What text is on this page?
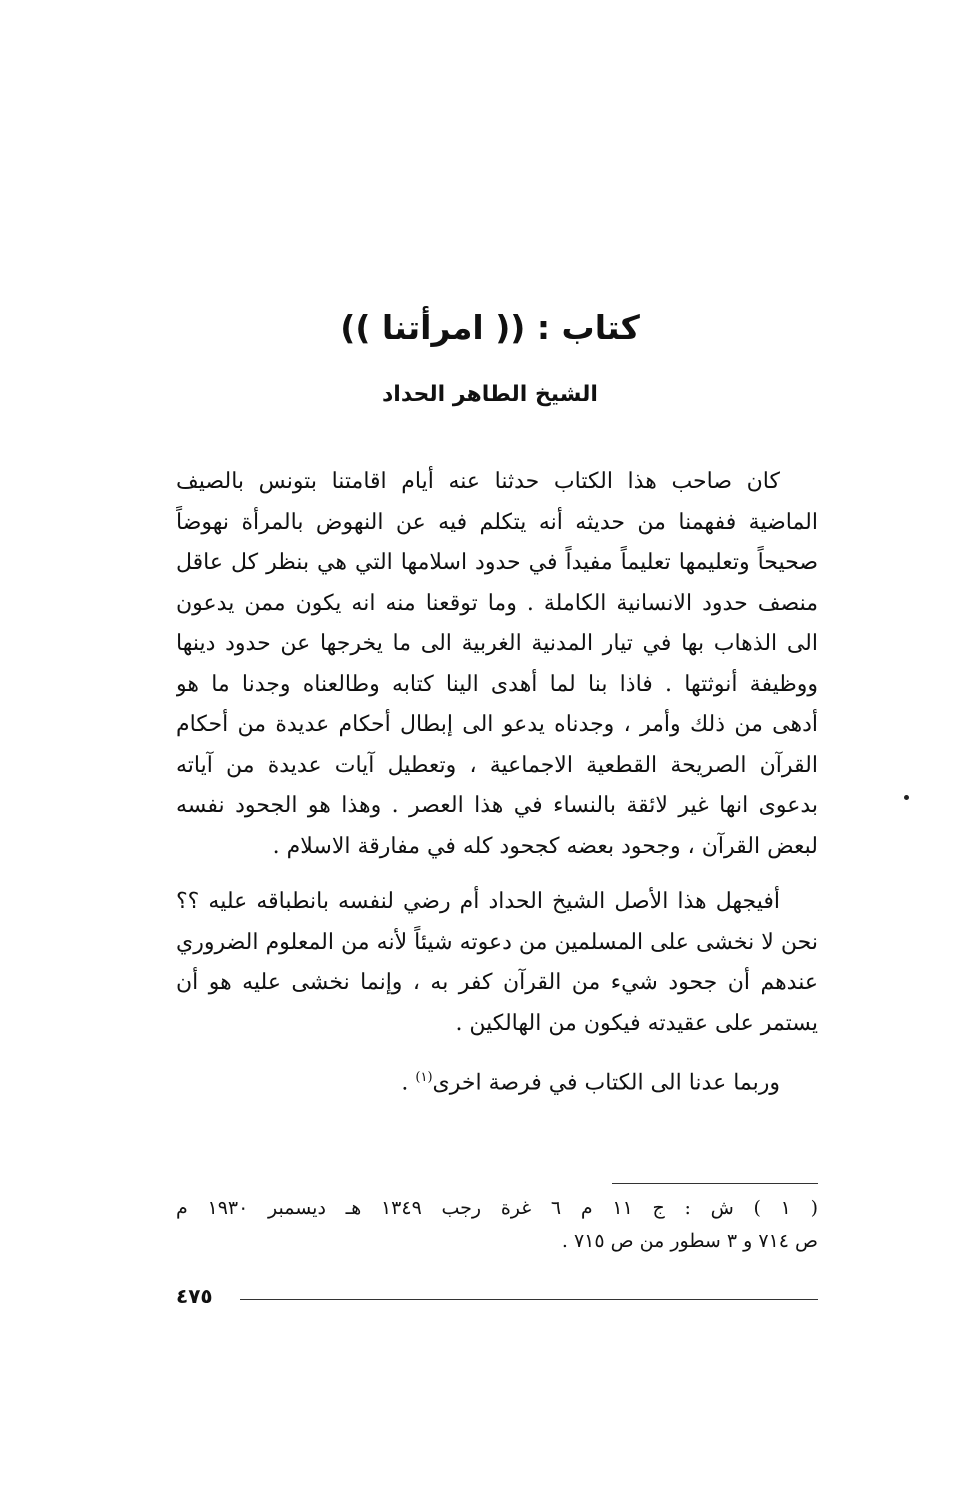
كتاب : (( امرأتنا ))
الشيخ الطاهر الحداد
كان صاحب هذا الكتاب حدثنا عنه أيام اقامتنا بتونس بالصيف
الماضية ففهمنا من حديثه أنه يتكلم فيه عن النهوض بالمرأة نهوضاً
صحيحاً وتعليمها تعليماً مفيداً في حدود اسلامها التي هي بنظر كل عاقل
منصف حدود الانسانية الكاملة . وما توقعنا منه انه يكون ممن يدعون
الى الذهاب بها في تيار المدنية الغربية الى ما يخرجها عن حدود دينها
ووظيفة أنوثتها . فاذا بنا لما أهدى الينا كتابه وطالعناه وجدنا ما هو
أدهى من ذلك وأمر ، وجدناه يدعو الى إبطال أحكام عديدة من أحكام
القرآن الصريحة القطعية الاجماعية ، وتعطيل آيات عديدة من آياته
بدعوى انها غير لائقة بالنساء في هذا العصر . وهذا هو الجحود نفسه
لبعض القرآن ، وجحود بعضه كجحود كله في مفارقة الاسلام .
أفيجهل هذا الأصل الشيخ الحداد أم رضي لنفسه بانطباقه عليه ؟؟
نحن لا نخشى على المسلمين من دعوته شيئاً لأنه من المعلوم الضروري
عندهم أن جحود شيء من القرآن كفر به ، وإنما نخشى عليه هو أن
يستمر على عقيدته فيكون من الهالكين .
وربما عدنا الى الكتاب في فرصة اخرى$^{(١)}$ .
( ١ ) ش : ج ١١ م ٦ غرة رجب ١٣٤٩ هـ ديسمبر ١٩٣٠ م
ص ٧١٤ و ٣ سطور من ص ٧١٥ .
٤٧٥
